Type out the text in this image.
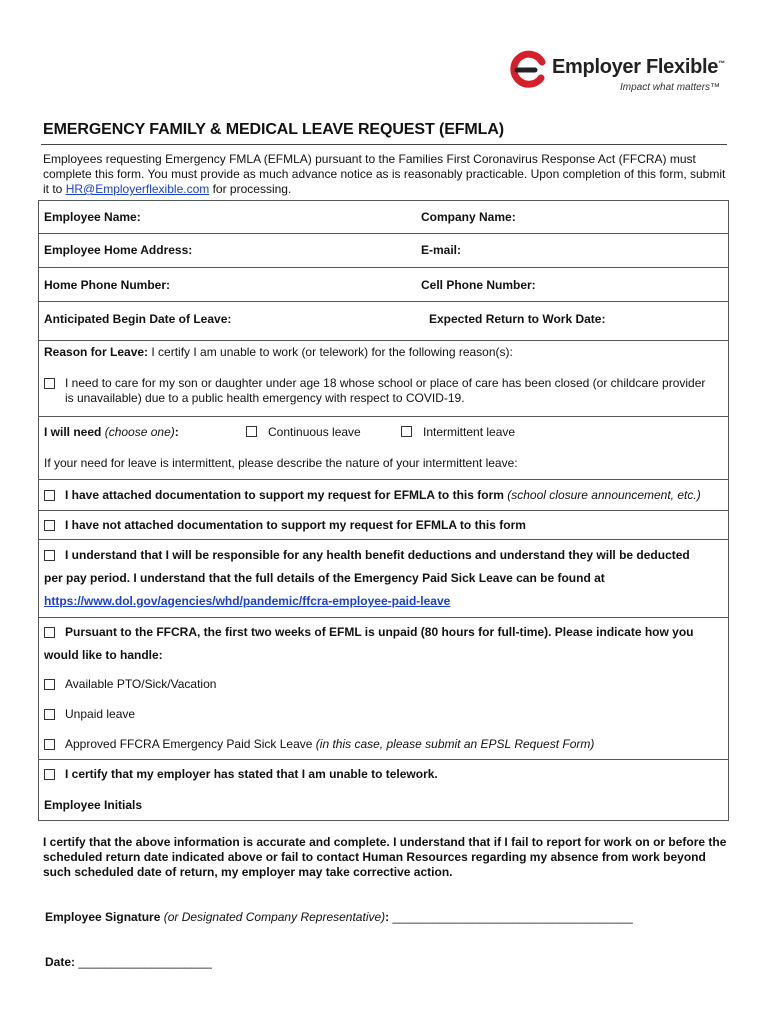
Employer Flexible™
Impact what matters™
EMERGENCY FAMILY & MEDICAL LEAVE REQUEST (EFMLA)
Employees requesting Emergency FMLA (EFMLA) pursuant to the Families First Coronavirus Response Act (FFCRA) must complete this form. You must provide as much advance notice as is reasonably practicable. Upon completion of this form, submit it to HR@Employerflexible.com for processing.
Employee Name:	Company Name:
Employee Home Address:	E-mail:
Home Phone Number:	Cell Phone Number:
Anticipated Begin Date of Leave:	Expected Return to Work Date:
Reason for Leave: I certify I am unable to work (or telework) for the following reason(s):
I need to care for my son or daughter under age 18 whose school or place of care has been closed (or childcare provider
is unavailable) due to a public health emergency with respect to COVID-19.
I will need (choose one):	Continuous leave	Intermittent leave
If your need for leave is intermittent, please describe the nature of your intermittent leave:
I have attached documentation to support my request for EFMLA to this form (school closure announcement, etc.)
I have not attached documentation to support my request for EFMLA to this form
I understand that I will be responsible for any health benefit deductions and understand they will be deducted
per pay period. I understand that the full details of the Emergency Paid Sick Leave can be found at
https://www.dol.gov/agencies/whd/pandemic/ffcra-employee-paid-leave
Pursuant to the FFCRA, the first two weeks of EFML is unpaid (80 hours for full-time). Please indicate how you
would like to handle:
Available PTO/Sick/Vacation
Unpaid leave
Approved FFCRA Emergency Paid Sick Leave (in this case, please submit an EPSL Request Form)
I certify that my employer has stated that I am unable to telework.
Employee Initials
I certify that the above information is accurate and complete. I understand that if I fail to report for work on or before the scheduled return date indicated above or fail to contact Human Resources regarding my absence from work beyond such scheduled date of return, my employer may take corrective action.
Employee Signature (or Designated Company Representative): ____________________________________
Date: ____________________
